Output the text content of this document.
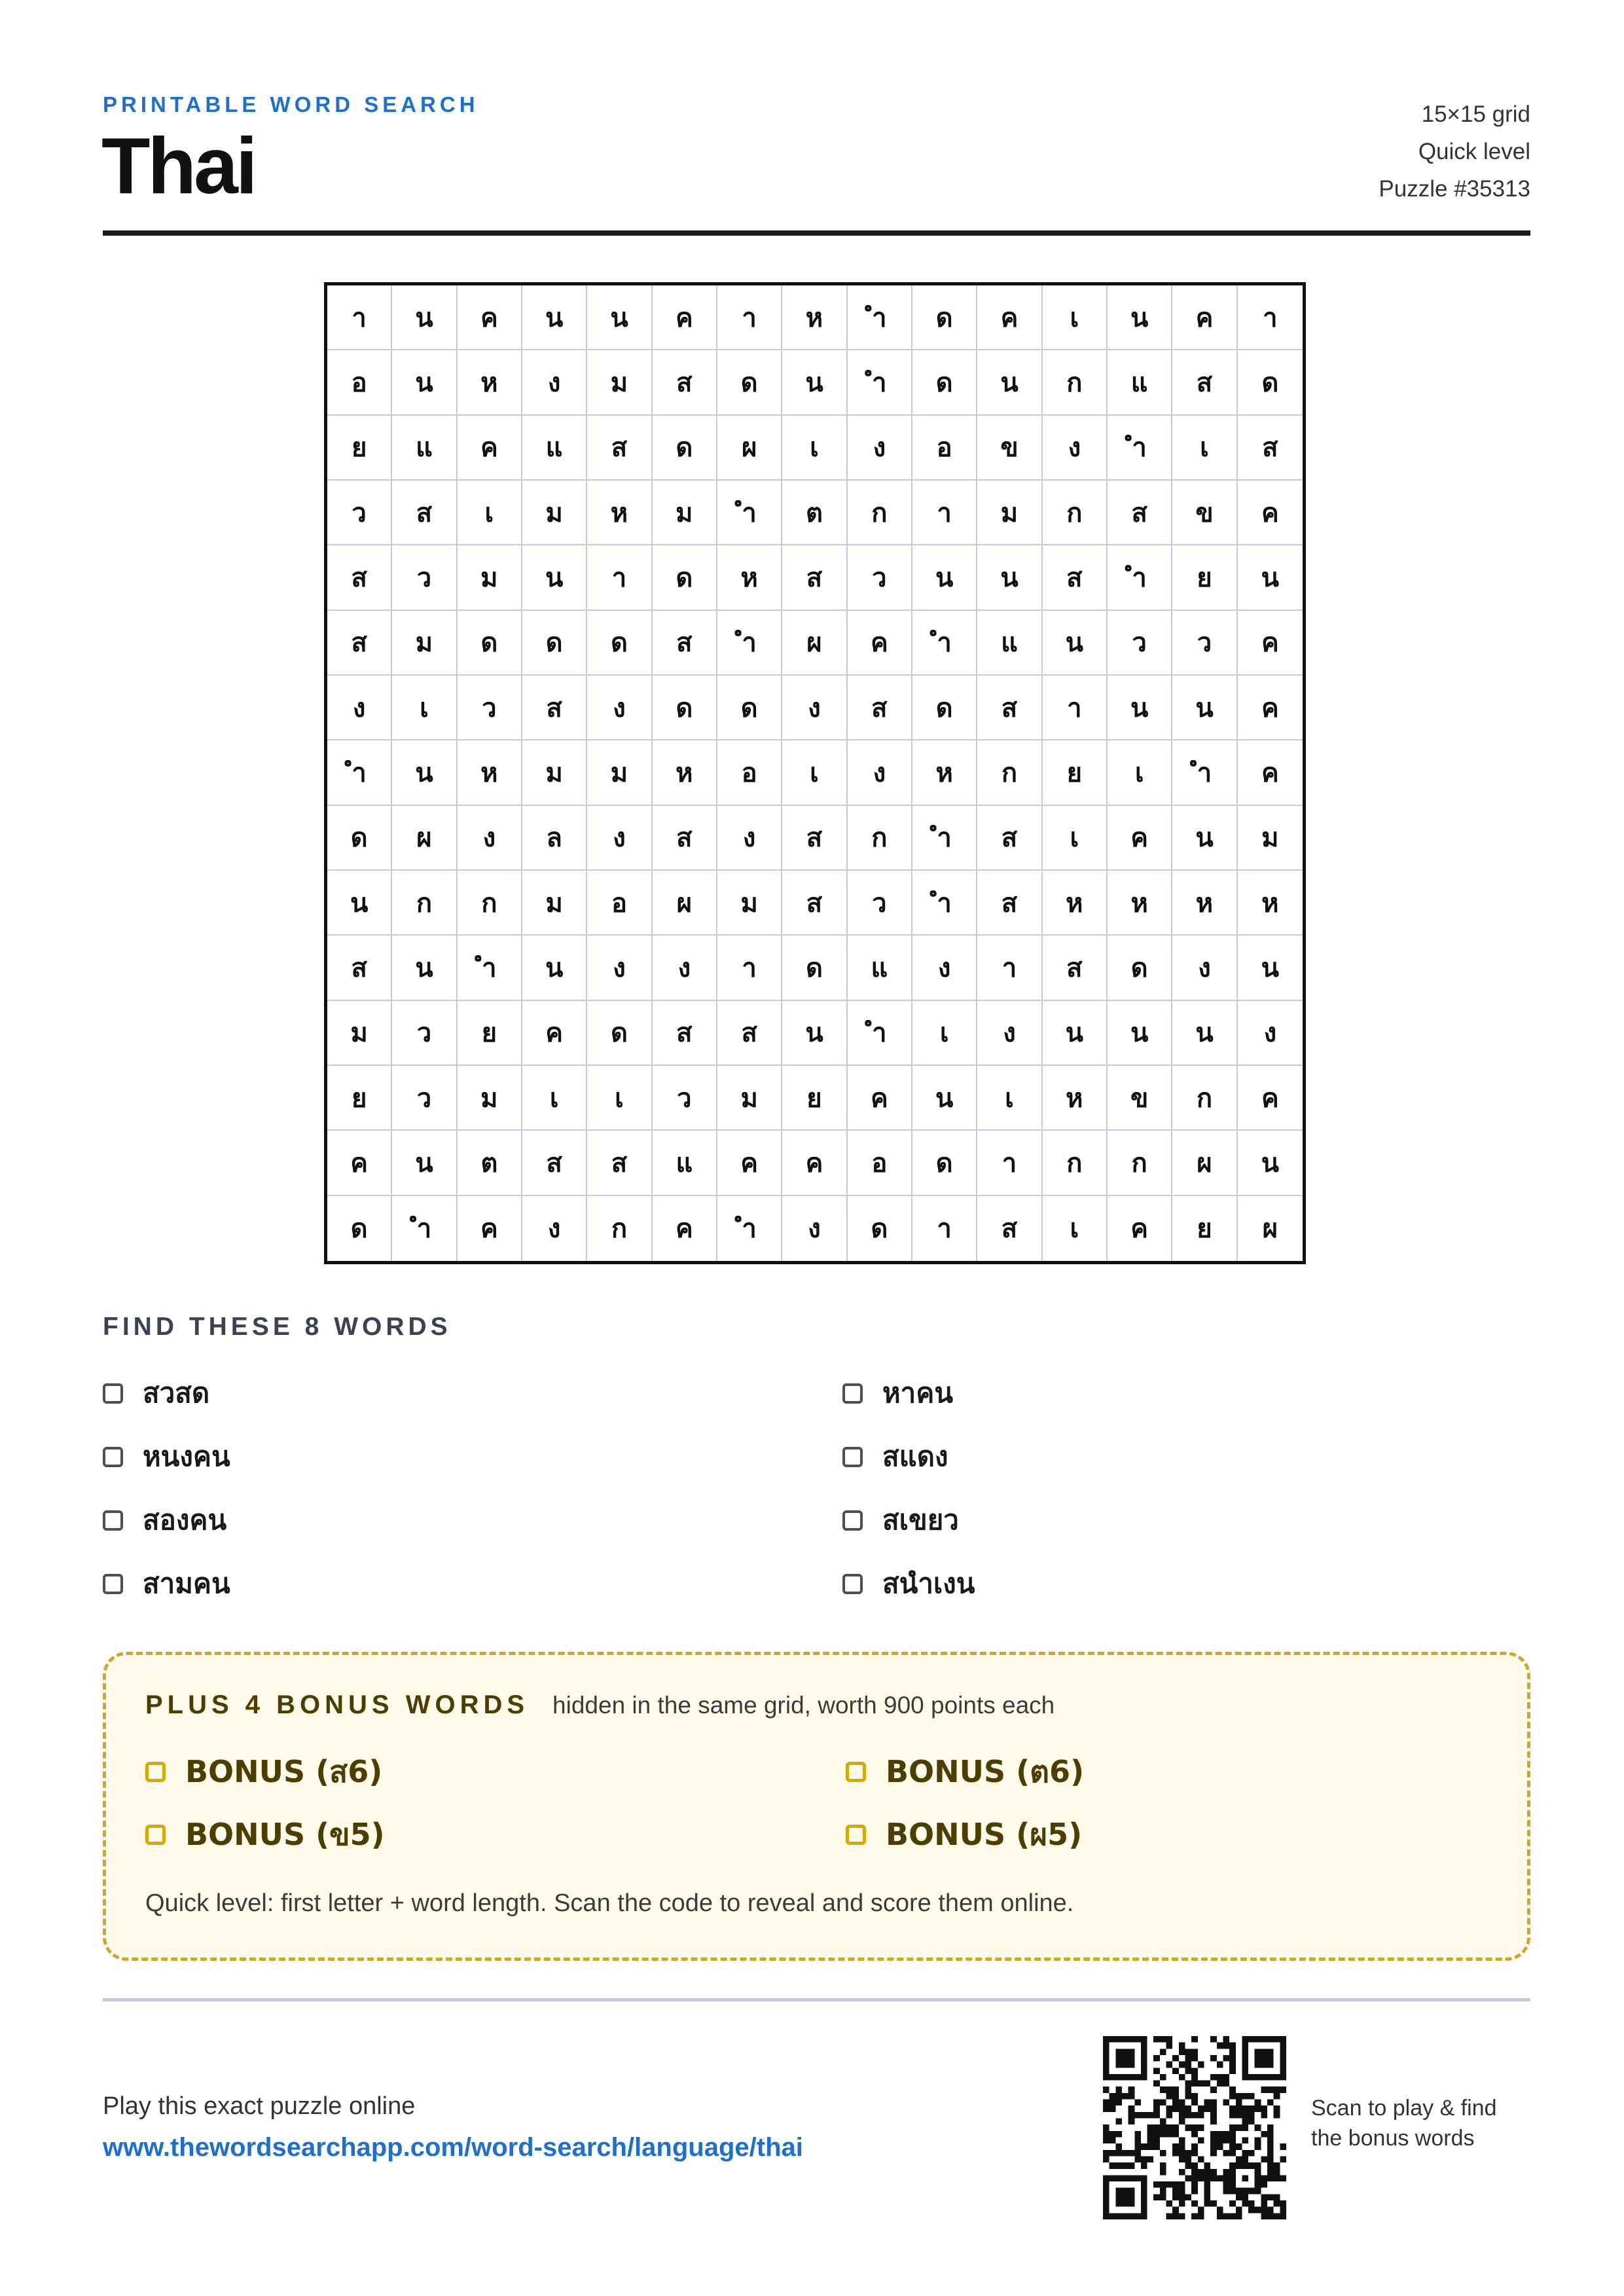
PRINTABLE WORD SEARCH
Thai
15×15 grid
Quick level
Puzzle #35313
า	น	ค	น	น	ค	า	ห	ำ	ด	ค	เ	น	ค	า
อ	น	ห	ง	ม	ส	ด	น	ำ	ด	น	ก	แ	ส	ด
ย	แ	ค	แ	ส	ด	ผ	เ	ง	อ	ข	ง	ำ	เ	ส
ว	ส	เ	ม	ห	ม	ำ	ต	ก	า	ม	ก	ส	ข	ค
ส	ว	ม	น	า	ด	ห	ส	ว	น	น	ส	ำ	ย	น
ส	ม	ด	ด	ด	ส	ำ	ผ	ค	ำ	แ	น	ว	ว	ค
ง	เ	ว	ส	ง	ด	ด	ง	ส	ด	ส	า	น	น	ค
ำ	น	ห	ม	ม	ห	อ	เ	ง	ห	ก	ย	เ	ำ	ค
ด	ผ	ง	ล	ง	ส	ง	ส	ก	ำ	ส	เ	ค	น	ม
น	ก	ก	ม	อ	ผ	ม	ส	ว	ำ	ส	ห	ห	ห	ห
ส	น	ำ	น	ง	ง	า	ด	แ	ง	า	ส	ด	ง	น
ม	ว	ย	ค	ด	ส	ส	น	ำ	เ	ง	น	น	น	ง
ย	ว	ม	เ	เ	ว	ม	ย	ค	น	เ	ห	ข	ก	ค
ค	น	ต	ส	ส	แ	ค	ค	อ	ด	า	ก	ก	ผ	น
ด	ำ	ค	ง	ก	ค	ำ	ง	ด	า	ส	เ	ค	ย	ผ
FIND THESE 8 WORDS
สวสด	หาคน
หนงคน	สแดง
สองคน	สเขยว
สามคน	สนำเงน
PLUS 4 BONUS WORDS hidden in the same grid, worth 900 points each
BONUS (ส6)	BONUS (ต6)
BONUS (ข5)	BONUS (ผ5)
Quick level: first letter + word length. Scan the code to reveal and score them online.
Play this exact puzzle online
www.thewordsearchapp.com/word-search/language/thai
Scan to play & find
the bonus words
